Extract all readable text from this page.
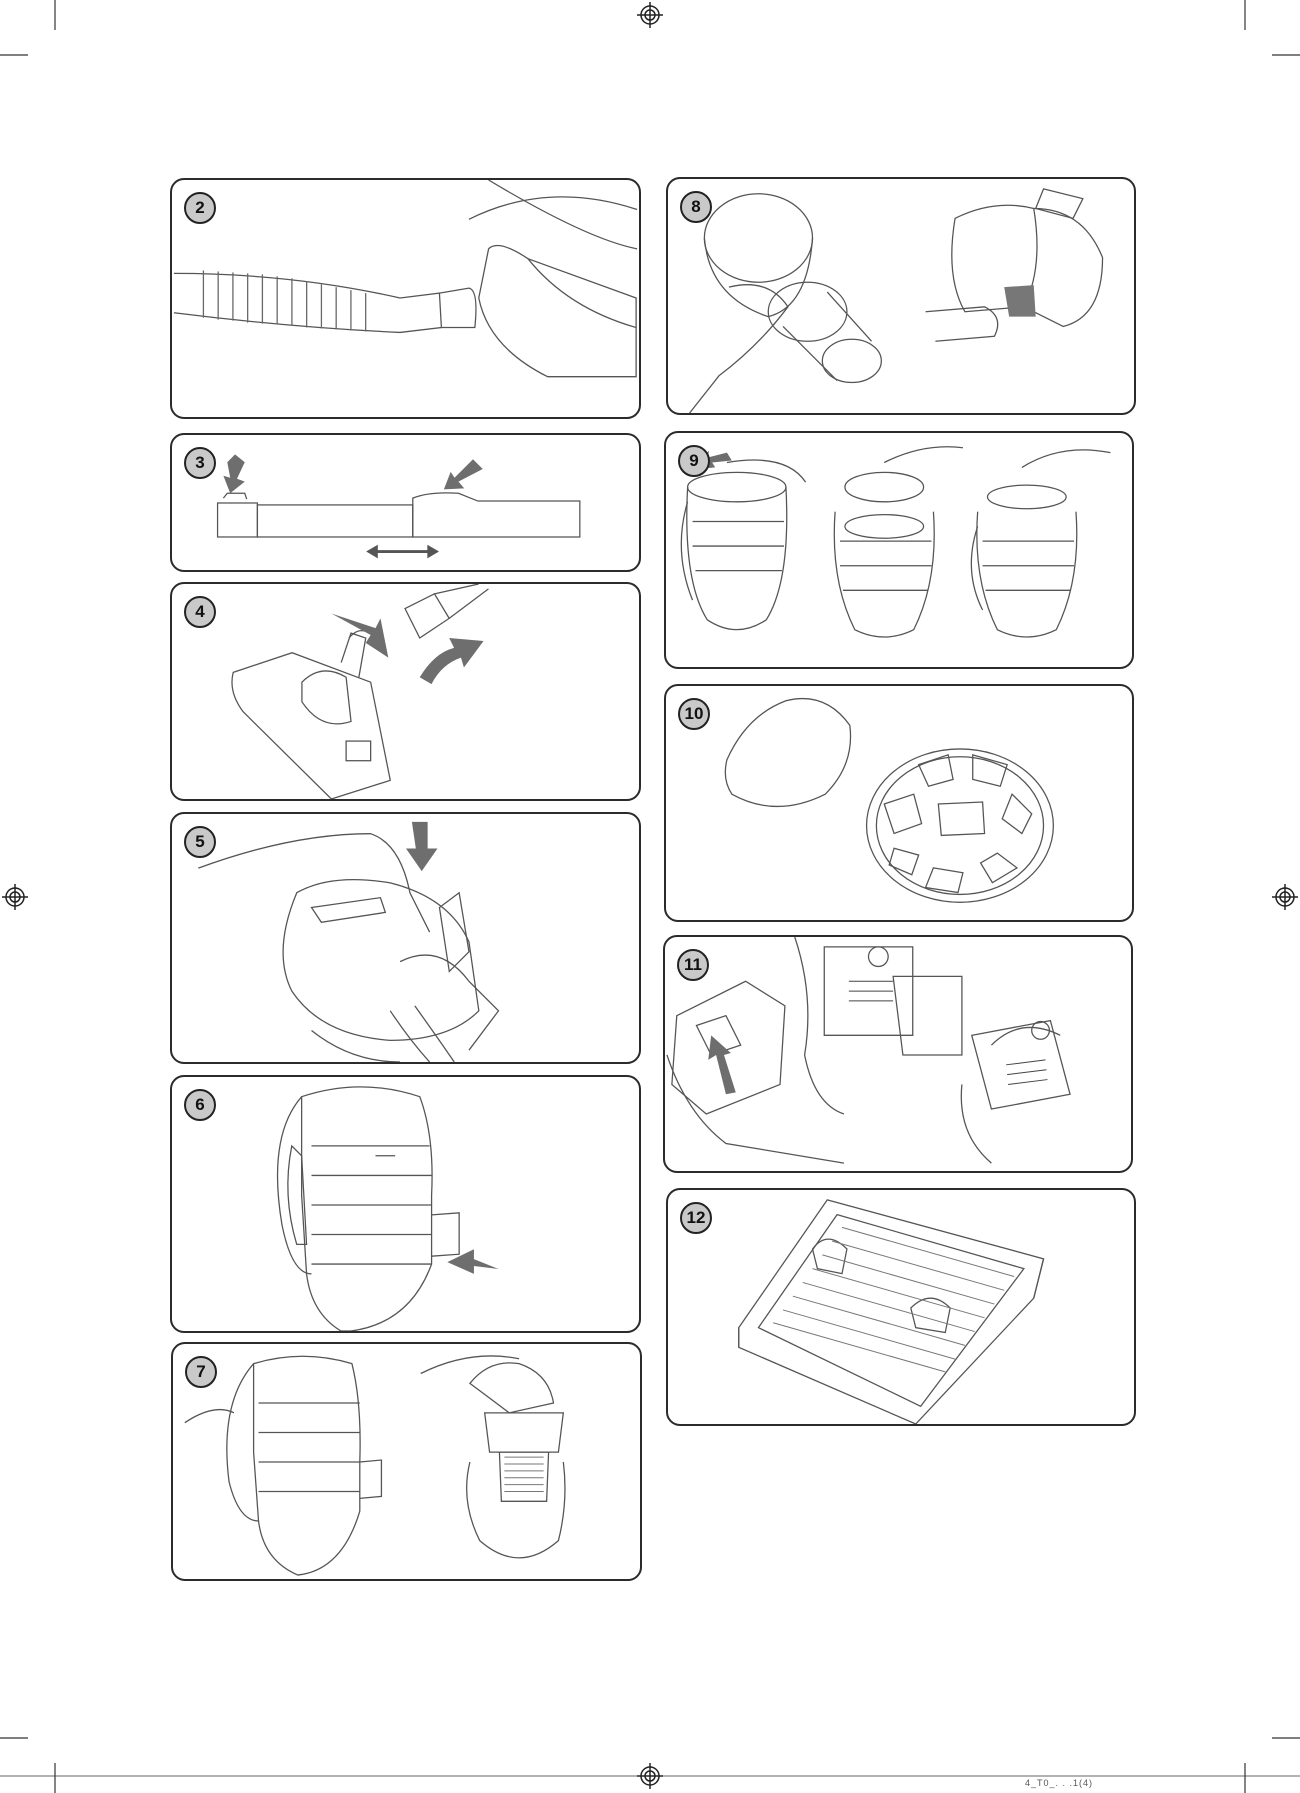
2
3
4
5
6
7
8
9
10
11
12
4_T0_. . .1(4)
